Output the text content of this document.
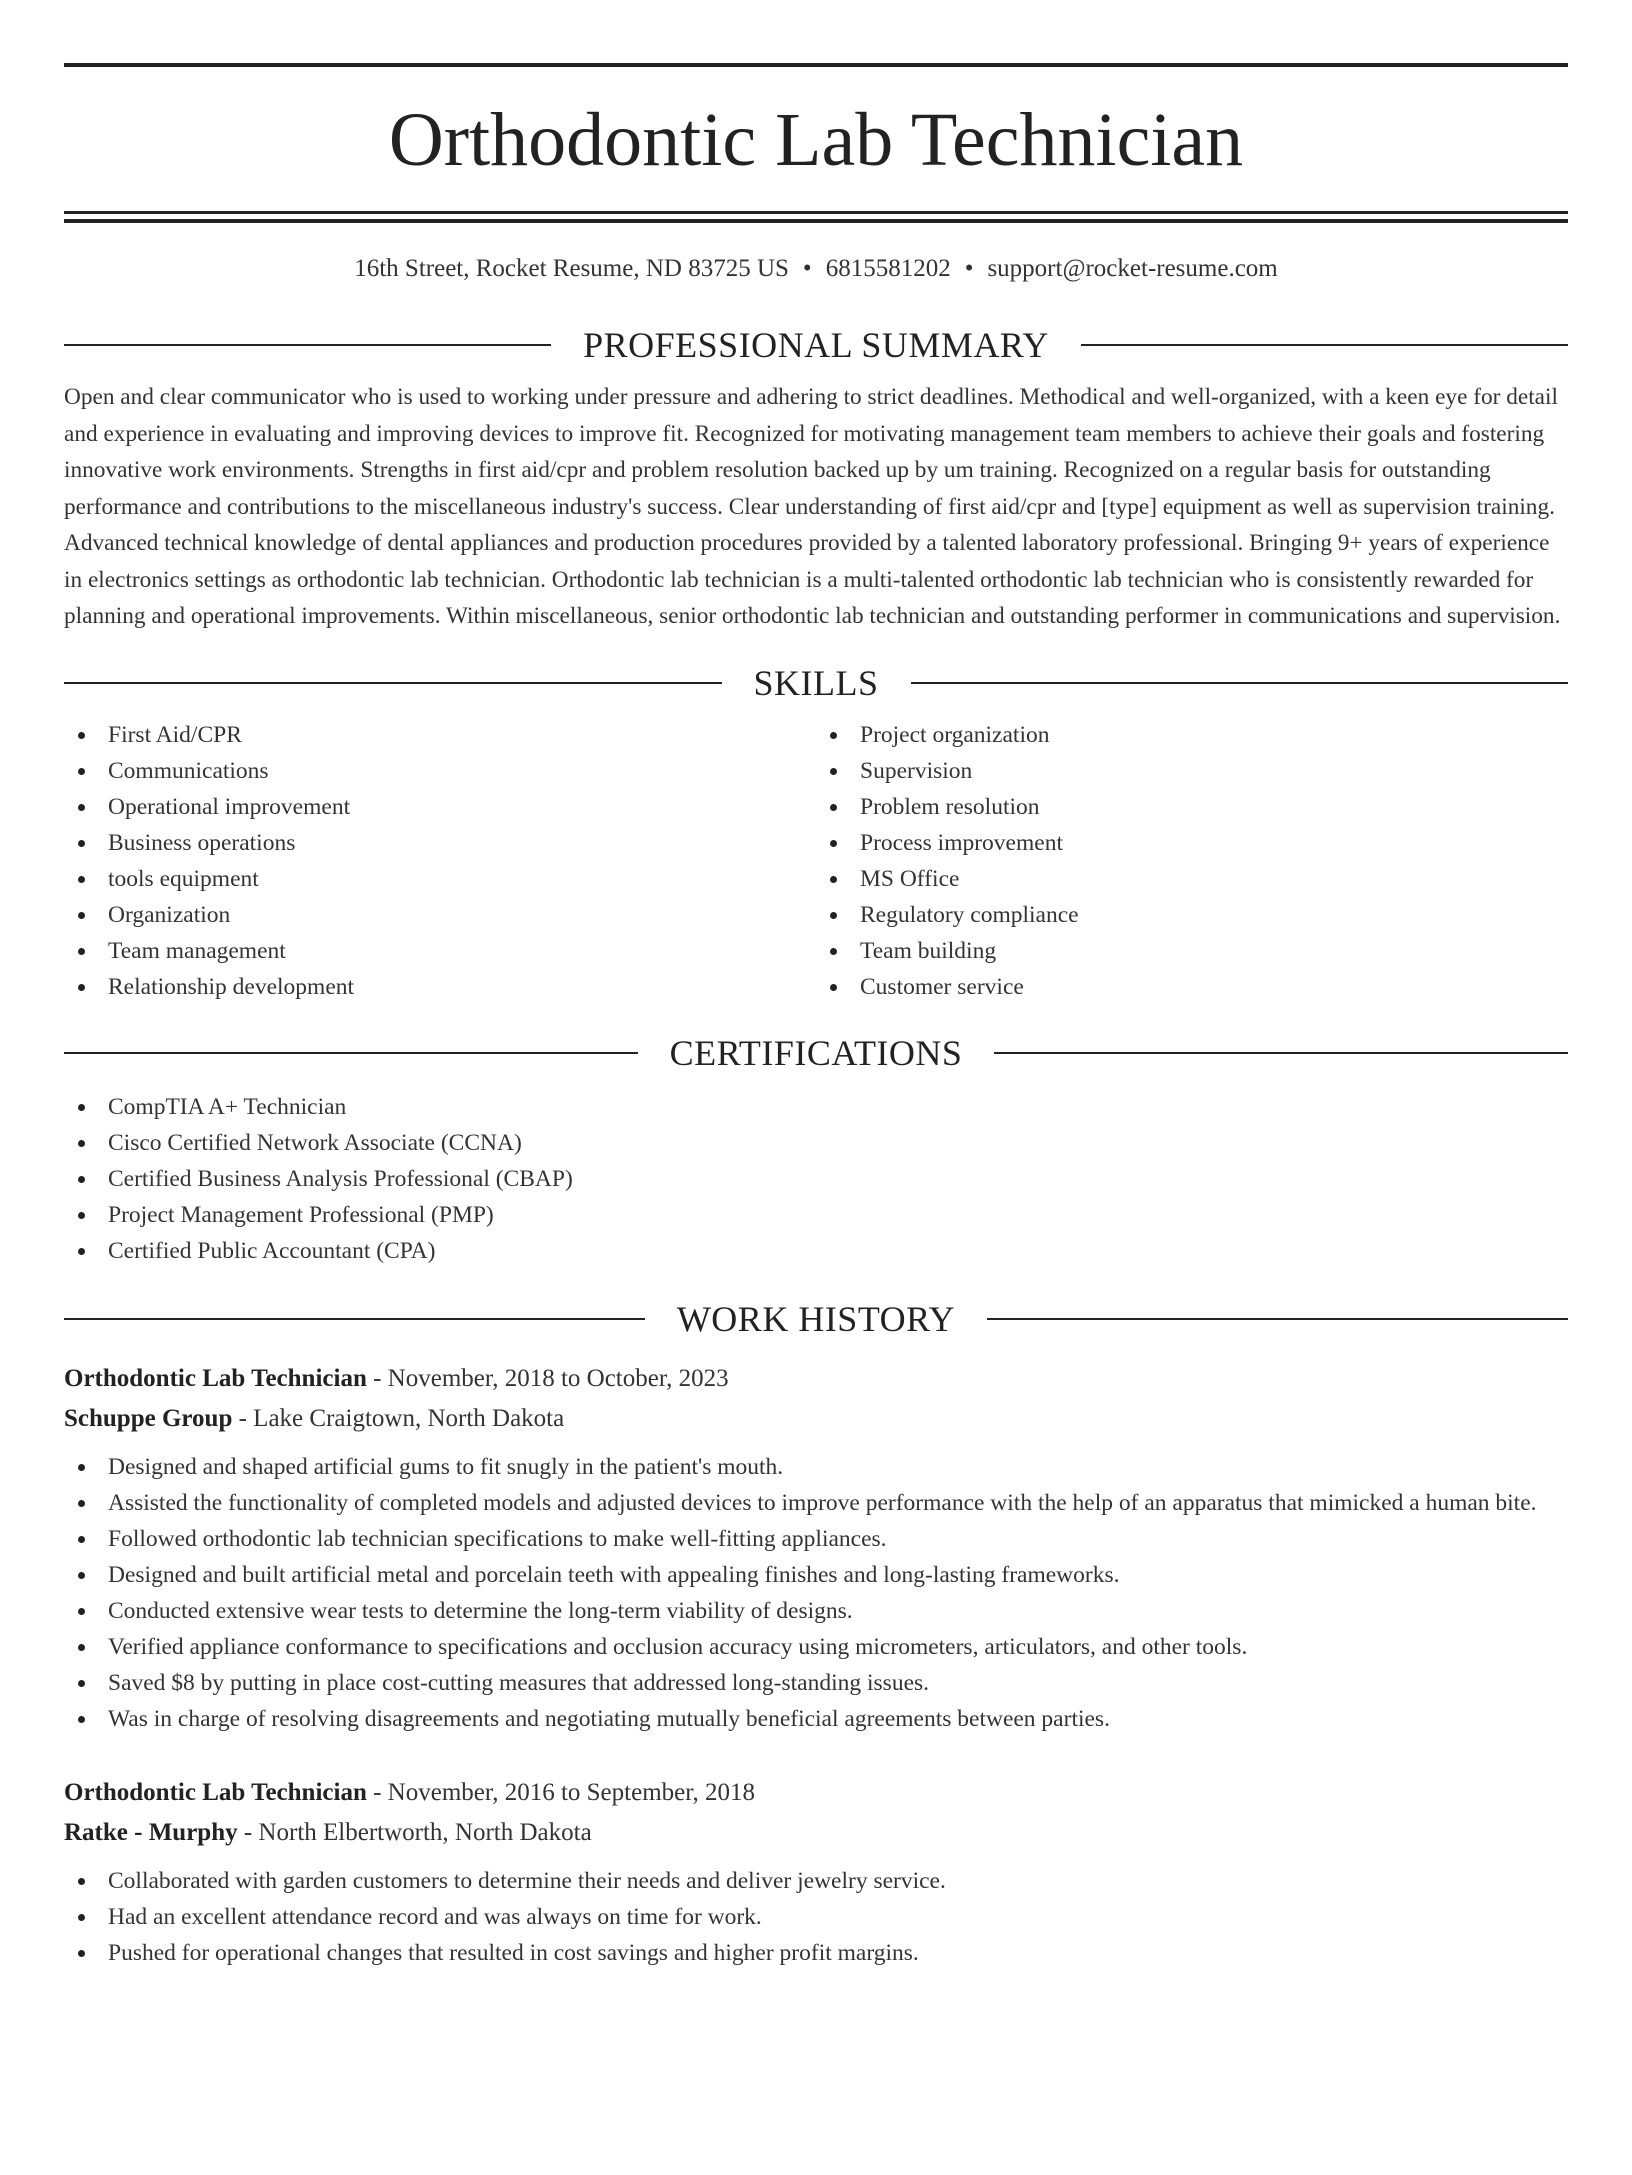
Orthodontic Lab Technician
16th Street, Rocket Resume, ND 83725 US • 6815581202 • support@rocket-resume.com
PROFESSIONAL SUMMARY
Open and clear communicator who is used to working under pressure and adhering to strict deadlines. Methodical and well-organized, with a keen eye for detail and experience in evaluating and improving devices to improve fit. Recognized for motivating management team members to achieve their goals and fostering innovative work environments. Strengths in first aid/cpr and problem resolution backed up by um training. Recognized on a regular basis for outstanding performance and contributions to the miscellaneous industry's success. Clear understanding of first aid/cpr and [type] equipment as well as supervision training. Advanced technical knowledge of dental appliances and production procedures provided by a talented laboratory professional. Bringing 9+ years of experience in electronics settings as orthodontic lab technician. Orthodontic lab technician is a multi-talented orthodontic lab technician who is consistently rewarded for planning and operational improvements. Within miscellaneous, senior orthodontic lab technician and outstanding performer in communications and supervision.
SKILLS
First Aid/CPR
Communications
Operational improvement
Business operations
tools equipment
Organization
Team management
Relationship development
Project organization
Supervision
Problem resolution
Process improvement
MS Office
Regulatory compliance
Team building
Customer service
CERTIFICATIONS
CompTIA A+ Technician
Cisco Certified Network Associate (CCNA)
Certified Business Analysis Professional (CBAP)
Project Management Professional (PMP)
Certified Public Accountant (CPA)
WORK HISTORY
Orthodontic Lab Technician - November, 2018 to October, 2023
Schuppe Group - Lake Craigtown, North Dakota
Designed and shaped artificial gums to fit snugly in the patient's mouth.
Assisted the functionality of completed models and adjusted devices to improve performance with the help of an apparatus that mimicked a human bite.
Followed orthodontic lab technician specifications to make well-fitting appliances.
Designed and built artificial metal and porcelain teeth with appealing finishes and long-lasting frameworks.
Conducted extensive wear tests to determine the long-term viability of designs.
Verified appliance conformance to specifications and occlusion accuracy using micrometers, articulators, and other tools.
Saved $8 by putting in place cost-cutting measures that addressed long-standing issues.
Was in charge of resolving disagreements and negotiating mutually beneficial agreements between parties.
Orthodontic Lab Technician - November, 2016 to September, 2018
Ratke - Murphy - North Elbertworth, North Dakota
Collaborated with garden customers to determine their needs and deliver jewelry service.
Had an excellent attendance record and was always on time for work.
Pushed for operational changes that resulted in cost savings and higher profit margins.
